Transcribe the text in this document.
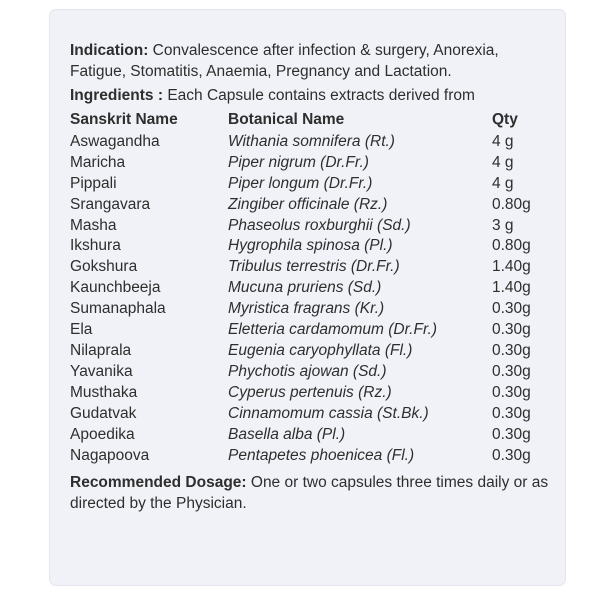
Indication: Convalescence after infection & surgery, Anorexia, Fatigue, Stomatitis, Anaemia, Pregnancy and Lactation.

Ingredients : Each Capsule contains extracts derived from

Sanskrit Name	Botanical Name	Qty
Aswagandha	Withania somnifera (Rt.)	4 g
Maricha	Piper nigrum (Dr.Fr.)	4 g
Pippali	Piper longum (Dr.Fr.)	4 g
Srangavara	Zingiber officinale (Rz.)	0.80g
Masha	Phaseolus roxburghii (Sd.)	3 g
Ikshura	Hygrophila spinosa (Pl.)	0.80g
Gokshura	Tribulus terrestris (Dr.Fr.)	1.40g
Kaunchbeeja	Mucuna pruriens (Sd.)	1.40g
Sumanaphala	Myristica fragrans (Kr.)	0.30g
Ela	Eletteria cardamomum (Dr.Fr.)	0.30g
Nilaprala	Eugenia caryophyllata (Fl.)	0.30g
Yavanika	Phychotis ajowan (Sd.)	0.30g
Musthaka	Cyperus pertenuis (Rz.)	0.30g
Gudatvak	Cinnamomum cassia (St.Bk.)	0.30g
Apoedika	Basella alba (Pl.)	0.30g
Nagapoova	Pentapetes phoenicea (Fl.)	0.30g

Recommended Dosage: One or two capsules three times daily or as directed by the Physician.
